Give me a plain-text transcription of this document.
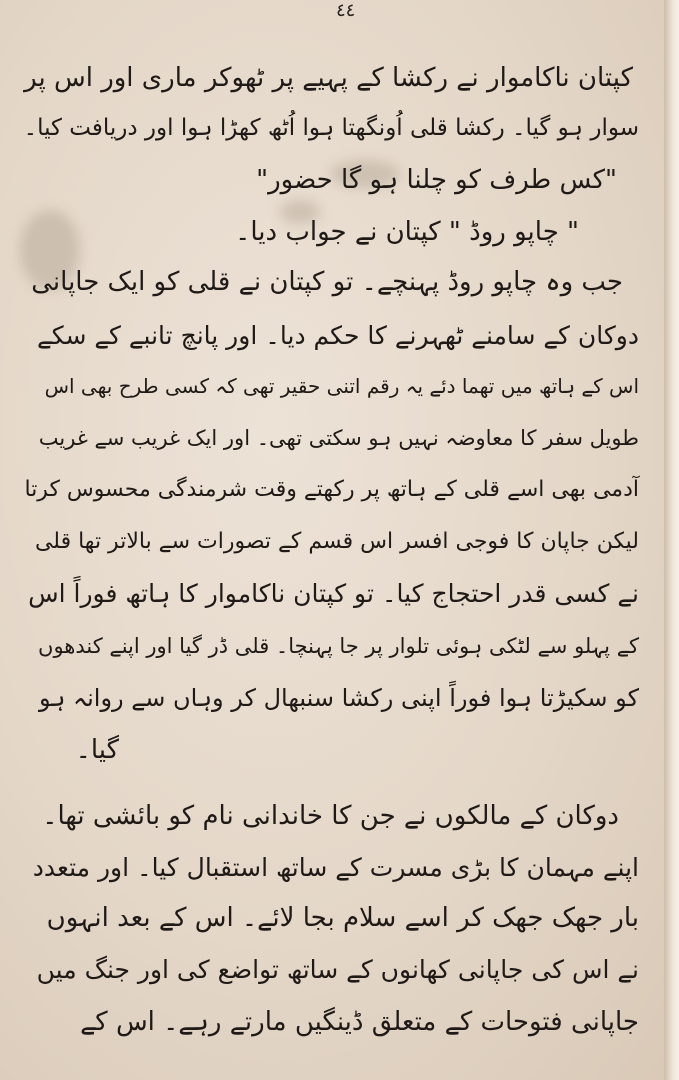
٤٤
کپتان ناکاموار نے رکشا کے پہیے پر ٹھوکر ماری اور اس پر
سوار ہو گیا۔ رکشا قلی اُونگھتا ہوا اُٹھ کھڑا ہوا اور دریافت کیا۔
"کس طرف کو چلنا ہو گا حضور"
" چاپو روڈ " کپتان نے جواب دیا۔
جب وہ چاپو روڈ پہنچے۔ تو کپتان نے قلی کو ایک جاپانی
دوکان کے سامنے ٹھہرنے کا حکم دیا۔ اور پانچ تانبے کے سکے
اس کے ہاتھ میں تھما دئے یہ رقم اتنی حقیر تھی کہ کسی طرح بھی اس
طویل سفر کا معاوضہ نہیں ہو سکتی تھی۔ اور ایک غریب سے غریب
آدمی بھی اسے قلی کے ہاتھ پر رکھتے وقت شرمندگی محسوس کرتا
لیکن جاپان کا فوجی افسر اس قسم کے تصورات سے بالاتر تھا قلی
نے کسی قدر احتجاج کیا۔ تو کپتان ناکاموار کا ہاتھ فوراً اس
کے پہلو سے لٹکی ہوئی تلوار پر جا پہنچا۔ قلی ڈر گیا اور اپنے کندھوں
کو سکیڑتا ہوا فوراً اپنی رکشا سنبھال کر وہاں سے روانہ ہو
گیا۔
دوکان کے مالکوں نے جن کا خاندانی نام کو بائشی تھا۔
اپنے مہمان کا بڑی مسرت کے ساتھ استقبال کیا۔ اور متعدد
بار جھک جھک کر اسے سلام بجا لائے۔ اس کے بعد انہوں
نے اس کی جاپانی کھانوں کے ساتھ تواضع کی اور جنگ میں
جاپانی فتوحات کے متعلق ڈینگیں مارتے رہے۔ اس کے
